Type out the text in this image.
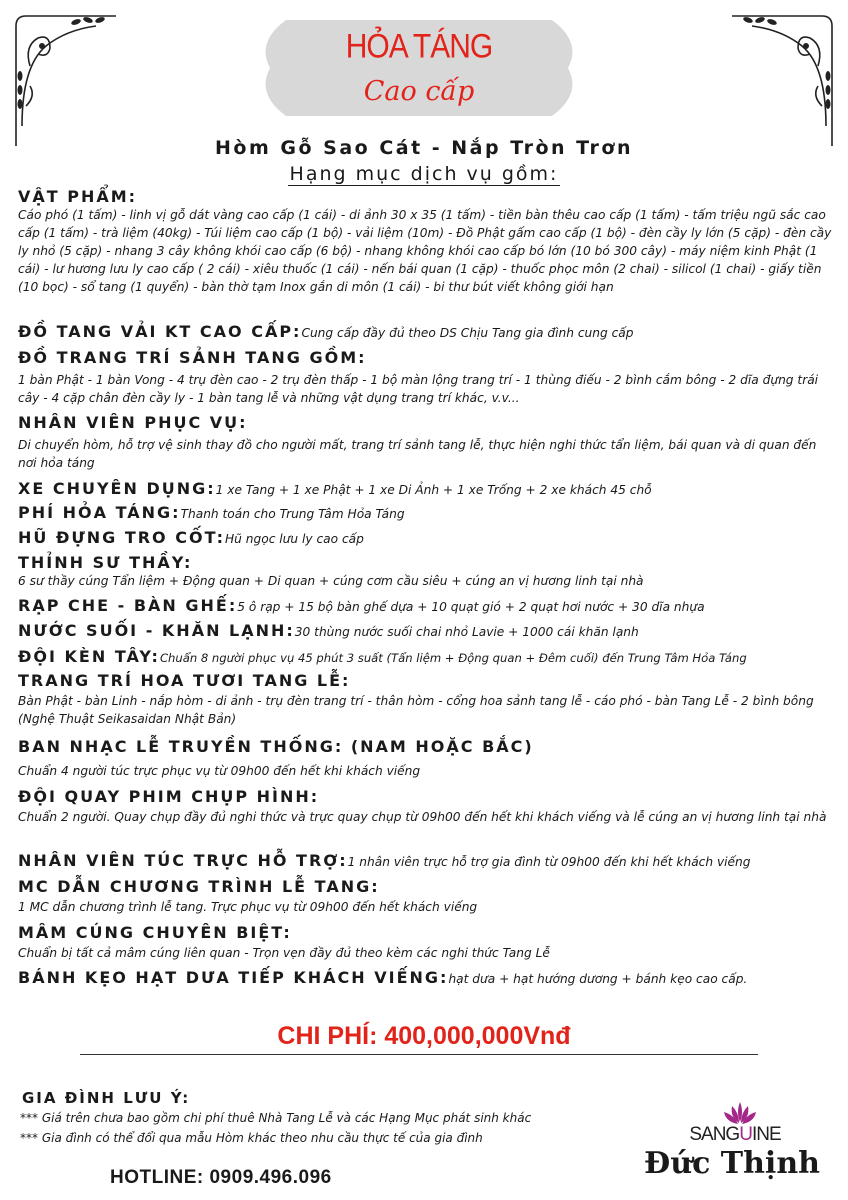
HỎA TÁNG
Cao cấp
Hòm Gỗ Sao Cát - Nắp Tròn Trơn
Hạng mục dịch vụ gồm:
VẬT PHẨM:
Cáo phó (1 tấm) - linh vị gỗ dát vàng cao cấp (1 cái) - di ảnh 30 x 35 (1 tấm) - tiền bàn thêu cao cấp (1 tấm) - tấm triệu ngũ sắc cao cấp (1 tấm) - trà liệm (40kg) - Túi liệm cao cấp (1 bộ) - vải liệm (10m) - Đồ Phật gấm cao cấp (1 bộ) - đèn cầy ly lớn (5 cặp) - đèn cầy ly nhỏ (5 cặp) - nhang 3 cây không khói cao cấp (6 bộ) - nhang không khói cao cấp bó lớn (10 bó 300 cây) - máy niệm kinh Phật (1 cái) - lư hương lưu ly cao cấp ( 2 cái) - xiêu thuốc (1 cái) - nến bái quan (1 cặp) - thuốc phọc môn (2 chai) - silicol (1 chai) - giấy tiền (10 bọc) - sổ tang (1 quyển) - bàn thờ tạm Inox gắn di môn (1 cái) - bi thư bút viết không giới hạn
ĐỒ TANG VẢI KT CAO CẤP:Cung cấp đầy đủ theo DS Chịu Tang gia đình cung cấp
ĐỒ TRANG TRÍ SẢNH TANG GỒM:
1 bàn Phật - 1 bàn Vong - 4 trụ đèn cao - 2 trụ đèn thấp - 1 bộ màn lộng trang trí - 1 thùng điếu - 2 bình cắm bông - 2 dĩa đựng trái cây - 4 cặp chân đèn cầy ly - 1 bàn tang lễ và những vật dụng trang trí khác, v.v...
NHÂN VIÊN PHỤC VỤ:
Di chuyển hòm, hỗ trợ vệ sinh thay đồ cho người mất, trang trí sảnh tang lễ, thực hiện nghi thức tẩn liệm, bái quan và di quan đến nơi hỏa táng
XE CHUYÊN DỤNG:1 xe Tang + 1 xe Phật + 1 xe Di Ảnh + 1 xe Trống + 2 xe khách 45 chỗ
PHÍ HỎA TÁNG:Thanh toán cho Trung Tâm Hỏa Táng
HŨ ĐỰNG TRO CỐT:Hũ ngọc lưu ly cao cấp
THỈNH SƯ THẦY:
6 sư thầy cúng Tẩn liệm + Động quan + Di quan + cúng cơm cầu siêu + cúng an vị hương linh tại nhà
RẠP CHE - BÀN GHẾ:5 ô rạp + 15 bộ bàn ghế dựa + 10 quạt gió + 2 quạt hơi nước + 30 dĩa nhựa
NƯỚC SUỐI - KHĂN LẠNH:30 thùng nước suối chai nhỏ Lavie + 1000 cái khăn lạnh
ĐỘI KÈN TÂY:Chuẩn 8 người phục vụ 45 phút 3 suất (Tẩn liệm + Động quan + Đêm cuối) đến Trung Tâm Hỏa Táng
TRANG TRÍ HOA TƯƠI TANG LỄ:
Bàn Phật - bàn Linh - nắp hòm - di ảnh - trụ đèn trang trí - thân hòm - cổng hoa sảnh tang lễ - cáo phó - bàn Tang Lễ - 2 bình bông (Nghệ Thuật Seikasaidan Nhật Bản)
BAN NHẠC LỄ TRUYỀN THỐNG: (NAM HOẶC BẮC)
Chuẩn 4 người túc trực phục vụ từ 09h00 đến hết khi khách viếng
ĐỘI QUAY PHIM CHỤP HÌNH:
Chuẩn 2 người. Quay chụp đầy đủ nghi thức và trực quay chụp từ 09h00 đến hết khi khách viếng và lễ cúng an vị hương linh tại nhà
NHÂN VIÊN TÚC TRỰC HỖ TRỢ:1 nhân viên trực hỗ trợ gia đình từ 09h00 đến khi hết khách viếng
MC DẪN CHƯƠNG TRÌNH LỄ TANG:
1 MC dẫn chương trình lễ tang. Trực phục vụ từ 09h00 đến hết khách viếng
MÂM CÚNG CHUYÊN BIỆT:
Chuẩn bị tất cả mâm cúng liên quan - Trọn vẹn đầy đủ theo kèm các nghi thức Tang Lễ
BÁNH KẸO HẠT DƯA TIẾP KHÁCH VIẾNG:hạt dưa + hạt hướng dương + bánh kẹo cao cấp.
CHI PHÍ: 400,000,000Vnđ
GIA ĐÌNH LƯU Ý:
*** Giá trên chưa bao gồm chi phí thuê Nhà Tang Lễ và các Hạng Mục phát sinh khác
*** Gia đình có thể đổi qua mẫu Hòm khác theo nhu cầu thực tế của gia đình
HOTLINE: 0909.496.096
SANGUINE
Đức Thịnh
